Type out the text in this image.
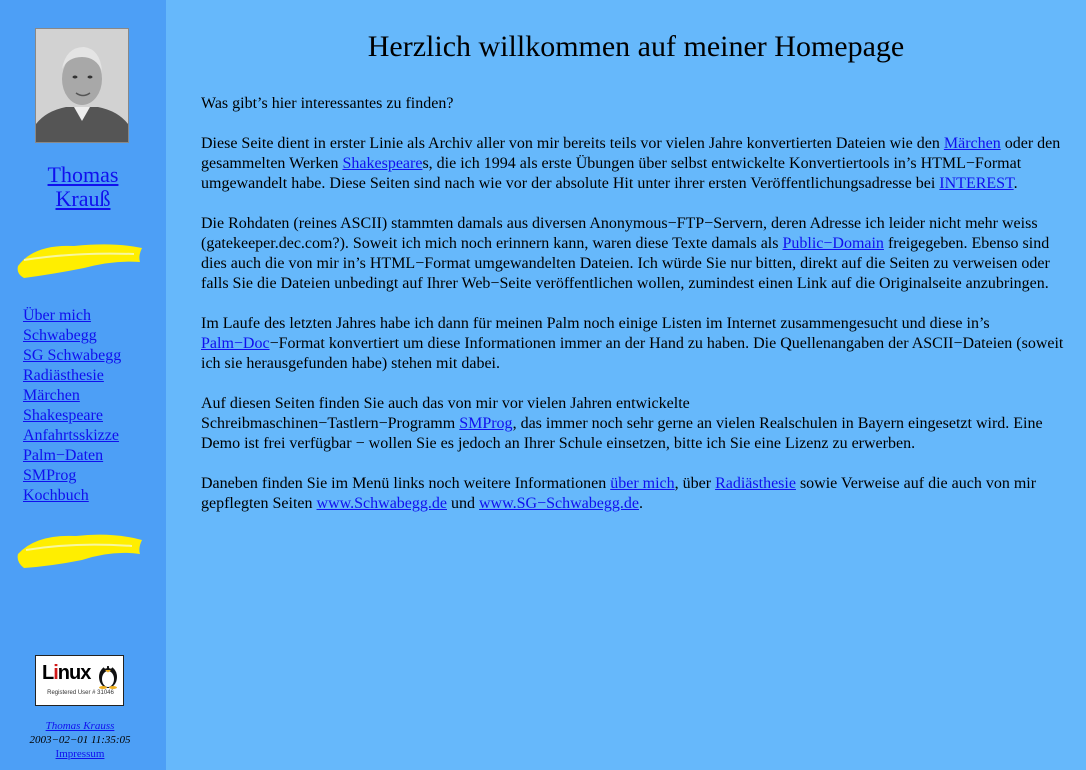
Thomas
Krauß
Über mich
Schwabegg
SG Schwabegg
Radiästhesie
Märchen
Shakespeare
Anfahrtsskizze
Palm−Daten
SMProg
Kochbuch
Linux
Registered User # 31046
Thomas Krauss
2003−02−01 11:35:05
Impressum
Herzlich willkommen auf meiner Homepage

Was gibt’s hier interessantes zu finden?

Diese Seite dient in erster Linie als Archiv aller von mir bereits teils vor vielen Jahre konvertierten Dateien wie den Märchen oder den gesammelten Werken Shakespeares, die ich 1994 als erste Übungen über selbst entwickelte Konvertiertools in’s HTML−Format umgewandelt habe. Diese Seiten sind nach wie vor der absolute Hit unter ihrer ersten Veröffentlichungsadresse bei INTEREST.

Die Rohdaten (reines ASCII) stammten damals aus diversen Anonymous−FTP−Servern, deren Adresse ich leider nicht mehr weiss (gatekeeper.dec.com?). Soweit ich mich noch erinnern kann, waren diese Texte damals als Public−Domain freigegeben. Ebenso sind dies auch die von mir in’s HTML−Format umgewandelten Dateien. Ich würde Sie nur bitten, direkt auf die Seiten zu verweisen oder falls Sie die Dateien unbedingt auf Ihrer Web−Seite veröffentlichen wollen, zumindest einen Link auf die Originalseite anzubringen.

Im Laufe des letzten Jahres habe ich dann für meinen Palm noch einige Listen im Internet zusammengesucht und diese in’s Palm−Doc−Format konvertiert um diese Informationen immer an der Hand zu haben. Die Quellenangaben der ASCII−Dateien (soweit ich sie herausgefunden habe) stehen mit dabei.

Auf diesen Seiten finden Sie auch das von mir vor vielen Jahren entwickelte
Schreibmaschinen−Tastlern−Programm SMProg, das immer noch sehr gerne an vielen Realschulen in Bayern eingesetzt wird. Eine Demo ist frei verfügbar − wollen Sie es jedoch an Ihrer Schule einsetzen, bitte ich Sie eine Lizenz zu erwerben.

Daneben finden Sie im Menü links noch weitere Informationen über mich, über Radiästhesie sowie Verweise auf die auch von mir gepflegten Seiten www.Schwabegg.de und www.SG−Schwabegg.de.
